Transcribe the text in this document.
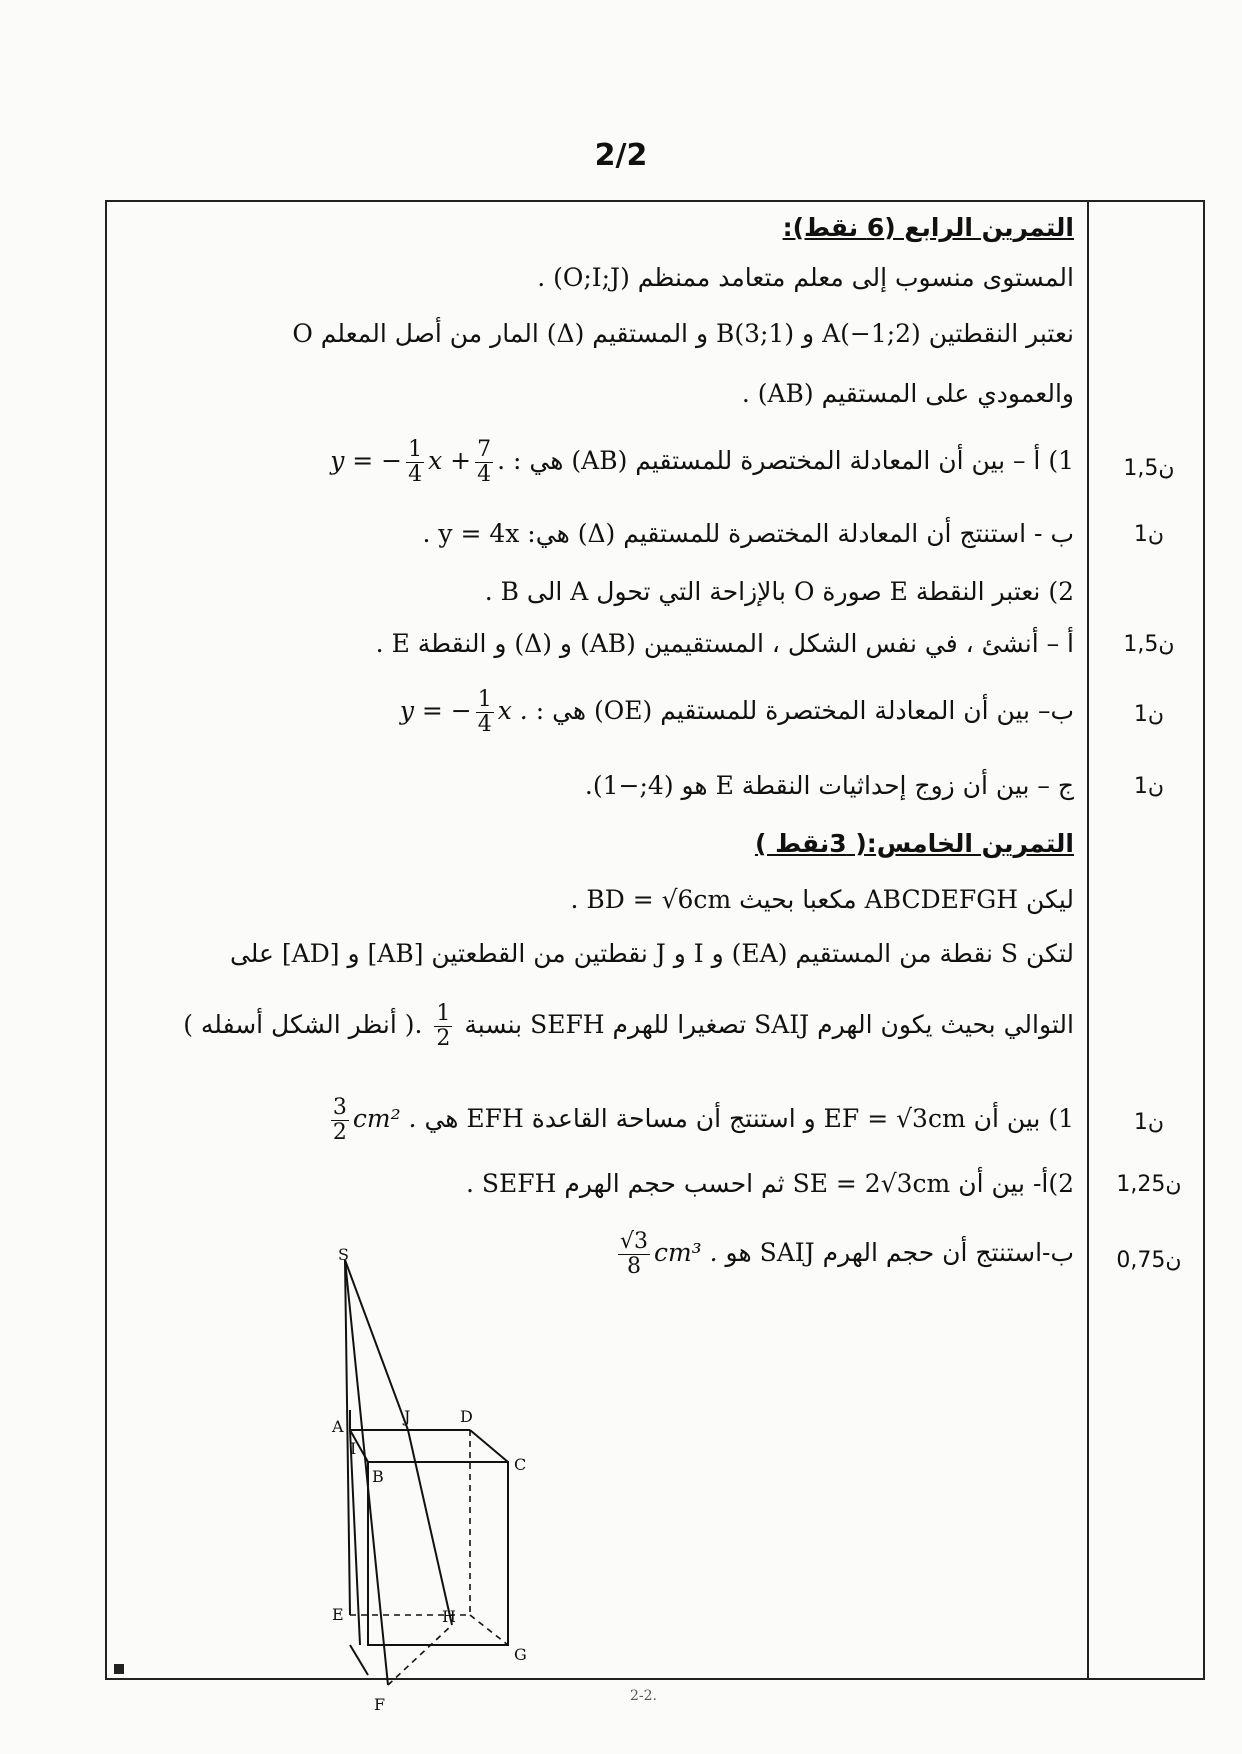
2/2
التمرين الرابع (6 نقط):
المستوى منسوب إلى معلم متعامد ممنظم (O;I;J) .
نعتبر النقطتين A(−1;2) و B(3;1) و المستقيم (Δ) المار من أصل المعلم O
والعمودي على المستقيم (AB) .
1) أ – بين أن المعادلة المختصرة للمستقيم (AB) هي : y = − $\frac{1}{4}$ $x + \frac{7}{4}$ .	1,5ن
ب - استنتج أن المعادلة المختصرة للمستقيم (Δ) هي: y = 4x .	1ن
2) نعتبر النقطة E صورة O بالإزاحة التي تحول A الى B .
أ – أنشئ ، في نفس الشكل ، المستقيمين (AB) و (Δ) و النقطة E .	1,5ن
ب– بين أن المعادلة المختصرة للمستقيم (OE) هي : y = − $\frac{1}{4}$ x .	1ن
ج – بين أن زوج إحداثيات النقطة E هو (4;−1).	1ن
التمرين الخامس:( 3نقط )
ليكن ABCDEFGH مكعبا بحيث BD = √6cm .
لتكن S نقطة من المستقيم (EA) و I و J نقطتين من القطعتين [AB] و [AD] على
التوالي بحيث يكون الهرم SAIJ تصغيرا للهرم SEFH بنسبة
$\frac{1}{2}$
.( أنظر الشكل أسفله )
1) بين أن EF = √3cm و استنتج أن مساحة القاعدة EFH هي
$\frac{3}{2} cm^2$ .	1ن
2)أ- بين أن SE = 2√3cm ثم احسب حجم الهرم SEFH . 1,25ن
ب-استنتج أن حجم الهرم SAIJ هو
$\frac{√3}{8} cm^3$ .	0,75ن
S
A
J	D
I
B
C
E	H
F
G
2-2.
